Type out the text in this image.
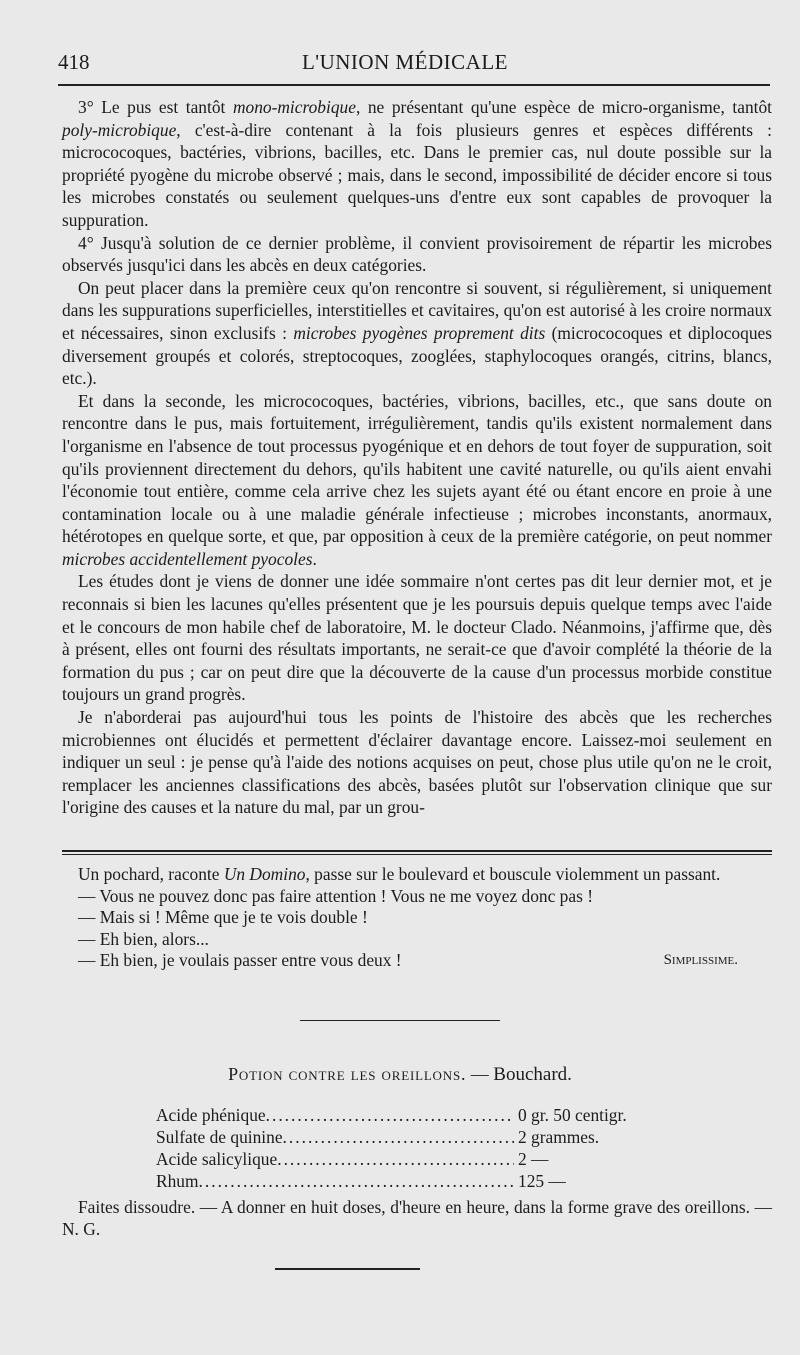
418	L'UNION MÉDICALE

3° Le pus est tantôt mono-microbique, ne présentant qu'une espèce de micro-organisme, tantôt poly-microbique, c'est-à-dire contenant à la fois plusieurs genres et espèces différents : micrococoques, bactéries, vibrions, bacilles, etc. Dans le premier cas, nul doute possible sur la propriété pyogène du microbe observé ; mais, dans le second, impossibilité de décider encore si tous les microbes constatés ou seulement quelques-uns d'entre eux sont capables de provoquer la suppuration.

4° Jusqu'à solution de ce dernier problème, il convient provisoirement de répartir les microbes observés jusqu'ici dans les abcès en deux catégories.

On peut placer dans la première ceux qu'on rencontre si souvent, si régulièrement, si uniquement dans les suppurations superficielles, interstitielles et cavitaires, qu'on est autorisé à les croire normaux et nécessaires, sinon exclusifs : microbes pyogènes proprement dits (micrococoques et diplocoques diversement groupés et colorés, streptocoques, zooglées, staphylocoques orangés, citrins, blancs, etc.).

Et dans la seconde, les micrococoques, bactéries, vibrions, bacilles, etc., que sans doute on rencontre dans le pus, mais fortuitement, irrégulièrement, tandis qu'ils existent normalement dans l'organisme en l'absence de tout processus pyogénique et en dehors de tout foyer de suppuration, soit qu'ils proviennent directement du dehors, qu'ils habitent une cavité naturelle, ou qu'ils aient envahi l'économie tout entière, comme cela arrive chez les sujets ayant été ou étant encore en proie à une contamination locale ou à une maladie générale infectieuse ; microbes inconstants, anormaux, hétérotopes en quelque sorte, et que, par opposition à ceux de la première catégorie, on peut nommer microbes accidentellement pyocoles.

Les études dont je viens de donner une idée sommaire n'ont certes pas dit leur dernier mot, et je reconnais si bien les lacunes qu'elles présentent que je les poursuis depuis quelque temps avec l'aide et le concours de mon habile chef de laboratoire, M. le docteur Clado. Néanmoins, j'affirme que, dès à présent, elles ont fourni des résultats importants, ne serait-ce que d'avoir complété la théorie de la formation du pus ; car on peut dire que la découverte de la cause d'un processus morbide constitue toujours un grand progrès.

Je n'aborderai pas aujourd'hui tous les points de l'histoire des abcès que les recherches microbiennes ont élucidés et permettent d'éclairer davantage encore. Laissez-moi seulement en indiquer un seul : je pense qu'à l'aide des notions acquises on peut, chose plus utile qu'on ne le croit, remplacer les anciennes classifications des abcès, basées plutôt sur l'observation clinique que sur l'origine des causes et la nature du mal, par un grou-

Un pochard, raconte Un Domino, passe sur le boulevard et bouscule violemment un passant.

— Vous ne pouvez donc pas faire attention ! Vous ne me voyez donc pas !

— Mais si ! Même que je te vois double !

— Eh bien, alors...

— Eh bien, je voulais passer entre vous deux !	Simplissime.

Potion contre les oreillons. — Bouchard.
Acide phénique .....	0 gr. 50 centigr.
Sulfate de quinine .....	2 grammes.
Acide salicylique .....	2 —
Rhum .....	125 —

Faites dissoudre. — A donner en huit doses, d'heure en heure, dans la forme grave des oreillons. — N. G.
